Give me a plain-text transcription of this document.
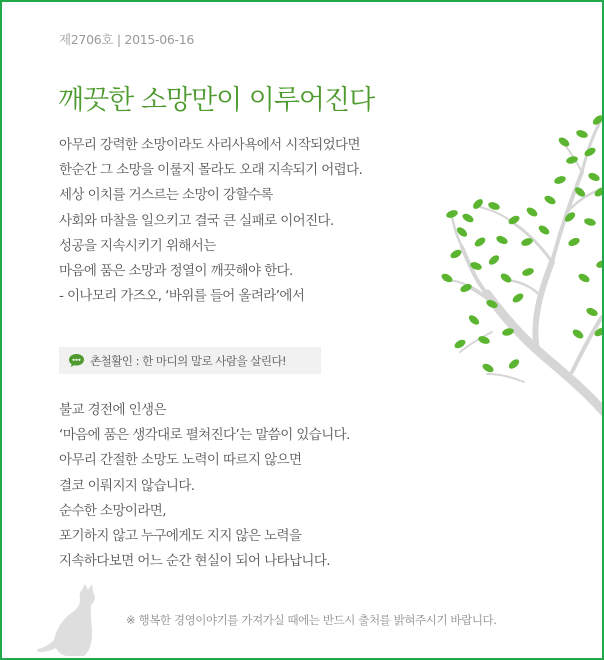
제2706호 | 2015-06-16
깨끗한 소망만이 이루어진다

아무리 강력한 소망이라도 사리사욕에서 시작되었다면

한순간 그 소망을 이룰지 몰라도 오래 지속되기 어렵다.

세상 이치를 거스르는 소망이 강할수록

사회와 마찰을 일으키고 결국 큰 실패로 이어진다.

성공을 지속시키기 위해서는

마음에 품은 소망과 정열이 깨끗해야 한다.

- 이나모리 가즈오, ‘바위를 들어 올려라’에서

촌철활인 : 한 마디의 말로 사람을 살린다!

불교 경전에 인생은

‘마음에 품은 생각대로 펼쳐진다’는 말씀이 있습니다.

아무리 간절한 소망도 노력이 따르지 않으면

결코 이뤄지지 않습니다.

순수한 소망이라면,

포기하지 않고 누구에게도 지지 않은 노력을

지속하다보면 어느 순간 현실이 되어 나타납니다.

※ 행복한 경영이야기를 가져가실 때에는 반드시 출처를 밝혀주시기 바랍니다.
